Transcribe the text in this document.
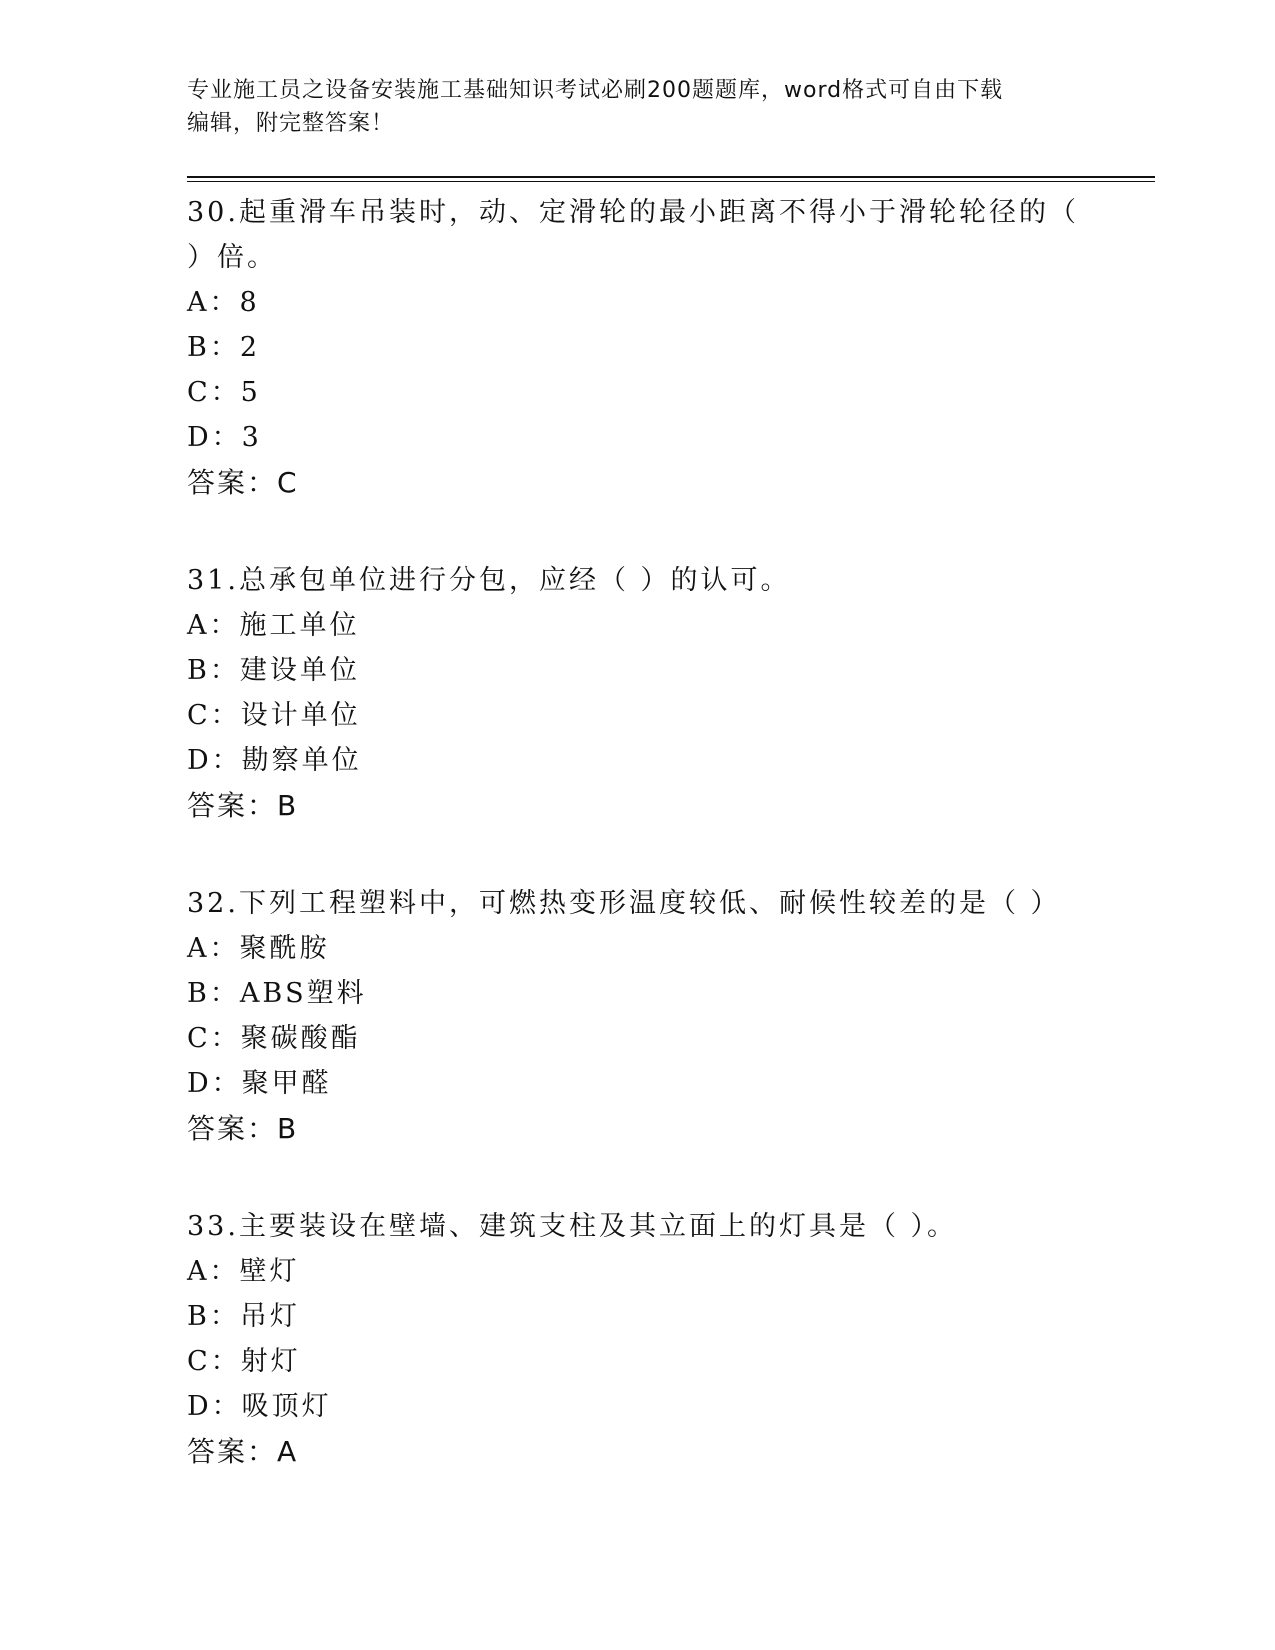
专业施工员之设备安装施工基础知识考试必刷200题题库，word格式可自由下载
编辑，附完整答案！

30.起重滑车吊装时，动、定滑轮的最小距离不得小于滑轮轮径的（
）倍。

A：8

B：2

C：5

D：3

答案：C

31.总承包单位进行分包，应经（ ）的认可。

A：施工单位

B：建设单位

C：设计单位

D：勘察单位

答案：B

32.下列工程塑料中，可燃热变形温度较低、耐候性较差的是（ ）

A：聚酰胺

B：ABS塑料

C：聚碳酸酯

D：聚甲醛

答案：B

33.主要装设在壁墙、建筑支柱及其立面上的灯具是（ ）。

A：壁灯

B：吊灯

C：射灯

D：吸顶灯

答案：A
